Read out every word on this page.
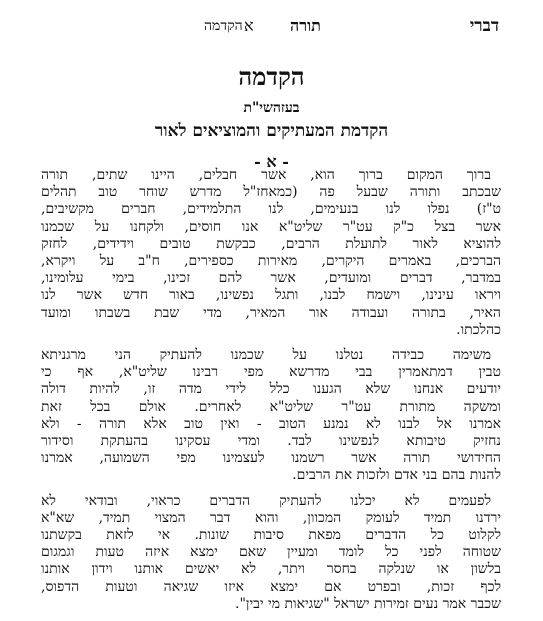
דברי
הקדמה	תורה
א
הקדמה
בעזהשי"ת
הקדמת המעתיקים והמוציאים לאור
- א -
ברוך המקום ברוך הוא, אשר חבלים, היינו שתים, תורה
שבכתב ותורה שבעל פה (כמאחז"ל מדרש שוחר טוב תהלים
ט"ז) נפלו לנו בנעימים, לנו התלמידים, חברים מקשיבים,
אשר בצל כ"ק עט"ר שליט"א אנו חוסים, ולקחנו על שכמנו
להוציא לאור לתועלת הרבים, כבקשת טובים וידידים, לחזק
הברכים, באמרים היקרים, מאירות כספירים, ח"ב על ויקרא,
במדבר, דברים ומועדים, אשר להם זכינו, בימי עלומינו,
ויראו עינינו, וישמח לבנו, ותגל נפשינו, באור חדש אשר לנו
האיר, בתורה ועבודה אור המאיר, מדי שבת בשבתו ומועד
כהלכתו.
משימה כבידה נטלנו על שכמנו להעתיק הני מרגניתא
טבין דמתאמרין בבי מדרשא מפי רבינו שליט"א, אף כי
יודעים אנחנו שלא הגענו כלל לידי מדה זו, להיות דולה
ומשקה מתורת עט"ר שליט"א לאחרים. אולם בכל זאת
אמרנו אל לבנו לא נמנע הטוב - ואין טוב אלא תורה - ולא
נחזיק טיבותא לנפשינו לבד. ומדי עסקינו בהעתקת וסידור
החידושי תורה אשר רשמנו לעצמינו מפי השמועה, אמרנו
להנות בהם בני אדם ולזכות את הרבים.
לפעמים לא יכלנו להעתיק הדברים כראוי, ובודאי לא
ירדנו תמיד לעומק המכוון, והוא דבר המצוי תמיד, שא"א
לקלוט כל הדברים מפאת סיבות שונות. אי לזאת בקשתנו
שטוחה לפני כל לומד ומעיין שאם ימצא איזה טעות וגמגום
בלשון או שנלקה בחסר ויתר, לא יאשים אותנו וידון אותנו
לכף זכות, ובפרט אם ימצא איזו שגיאה וטעות הדפוס,
שכבר אמר נעים זמירות ישראל "שגיאות מי יבין".
